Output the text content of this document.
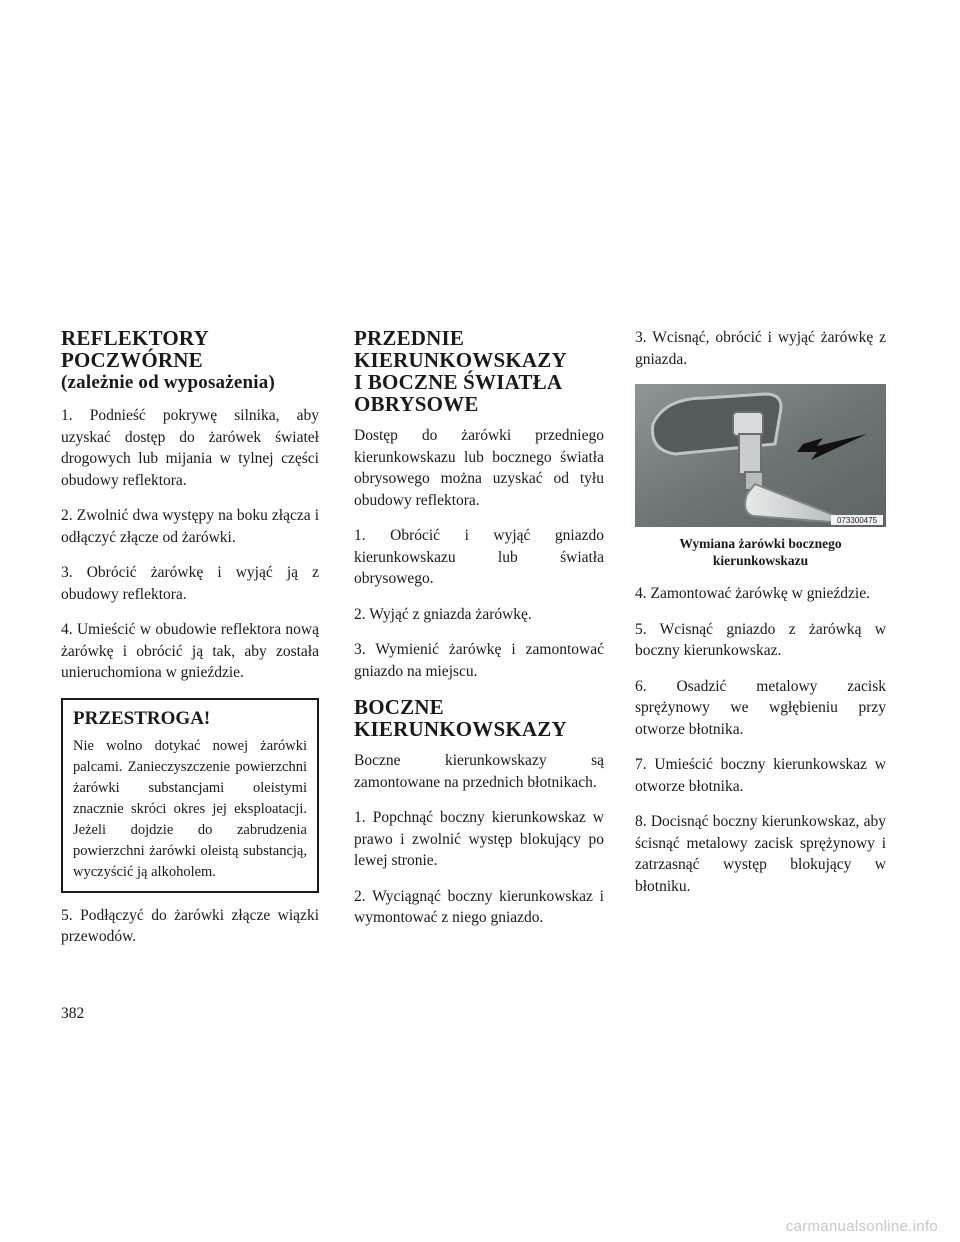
REFLEKTORY
POCZWÓRNE
(zależnie od wyposażenia)

1. Podnieść pokrywę silnika, aby uzyskać dostęp do żarówek świateł drogowych lub mijania w tylnej części obudowy reflektora.

2. Zwolnić dwa występy na boku złącza i odłączyć złącze od żarówki.

3. Obrócić żarówkę i wyjąć ją z obudowy reflektora.

4. Umieścić w obudowie reflektora nową żarówkę i obrócić ją tak, aby została unieruchomiona w gnieździe.

PRZESTROGA!

Nie wolno dotykać nowej żarówki palcami. Zanieczyszczenie powierzchni żarówki substancjami oleistymi znacznie skróci okres jej eksploatacji. Jeżeli dojdzie do zabrudzenia powierzchni żarówki oleistą substancją, wyczyścić ją alkoholem.

5. Podłączyć do żarówki złącze wiązki przewodów.

PRZEDNIE KIERUNKOWSKAZY I BOCZNE ŚWIATŁA OBRYSOWE

Dostęp do żarówki przedniego kierunkowskazu lub bocznego światła obrysowego można uzyskać od tyłu obudowy reflektora.

1. Obrócić i wyjąć gniazdo kierunkowskazu lub światła obrysowego.

2. Wyjąć z gniazda żarówkę.

3. Wymienić żarówkę i zamontować gniazdo na miejscu.

BOCZNE KIERUNKOWSKAZY

Boczne kierunkowskazy są zamontowane na przednich błotnikach.

1. Popchnąć boczny kierunkowskaz w prawo i zwolnić występ blokujący po lewej stronie.

2. Wyciągnąć boczny kierunkowskaz i wymontować z niego gniazdo.

3. Wcisnąć, obrócić i wyjąć żarówkę z gniazda.

073300475
Wymiana żarówki bocznego kierunkowskazu

4. Zamontować żarówkę w gnieździe.

5. Wcisnąć gniazdo z żarówką w boczny kierunkowskaz.

6. Osadzić metalowy zacisk sprężynowy we wgłębieniu przy otworze błotnika.

7. Umieścić boczny kierunkowskaz w otworze błotnika.

8. Docisnąć boczny kierunkowskaz, aby ścisnąć metalowy zacisk sprężynowy i zatrzasnąć występ blokujący w błotniku.

382
carmanualsonline.info
